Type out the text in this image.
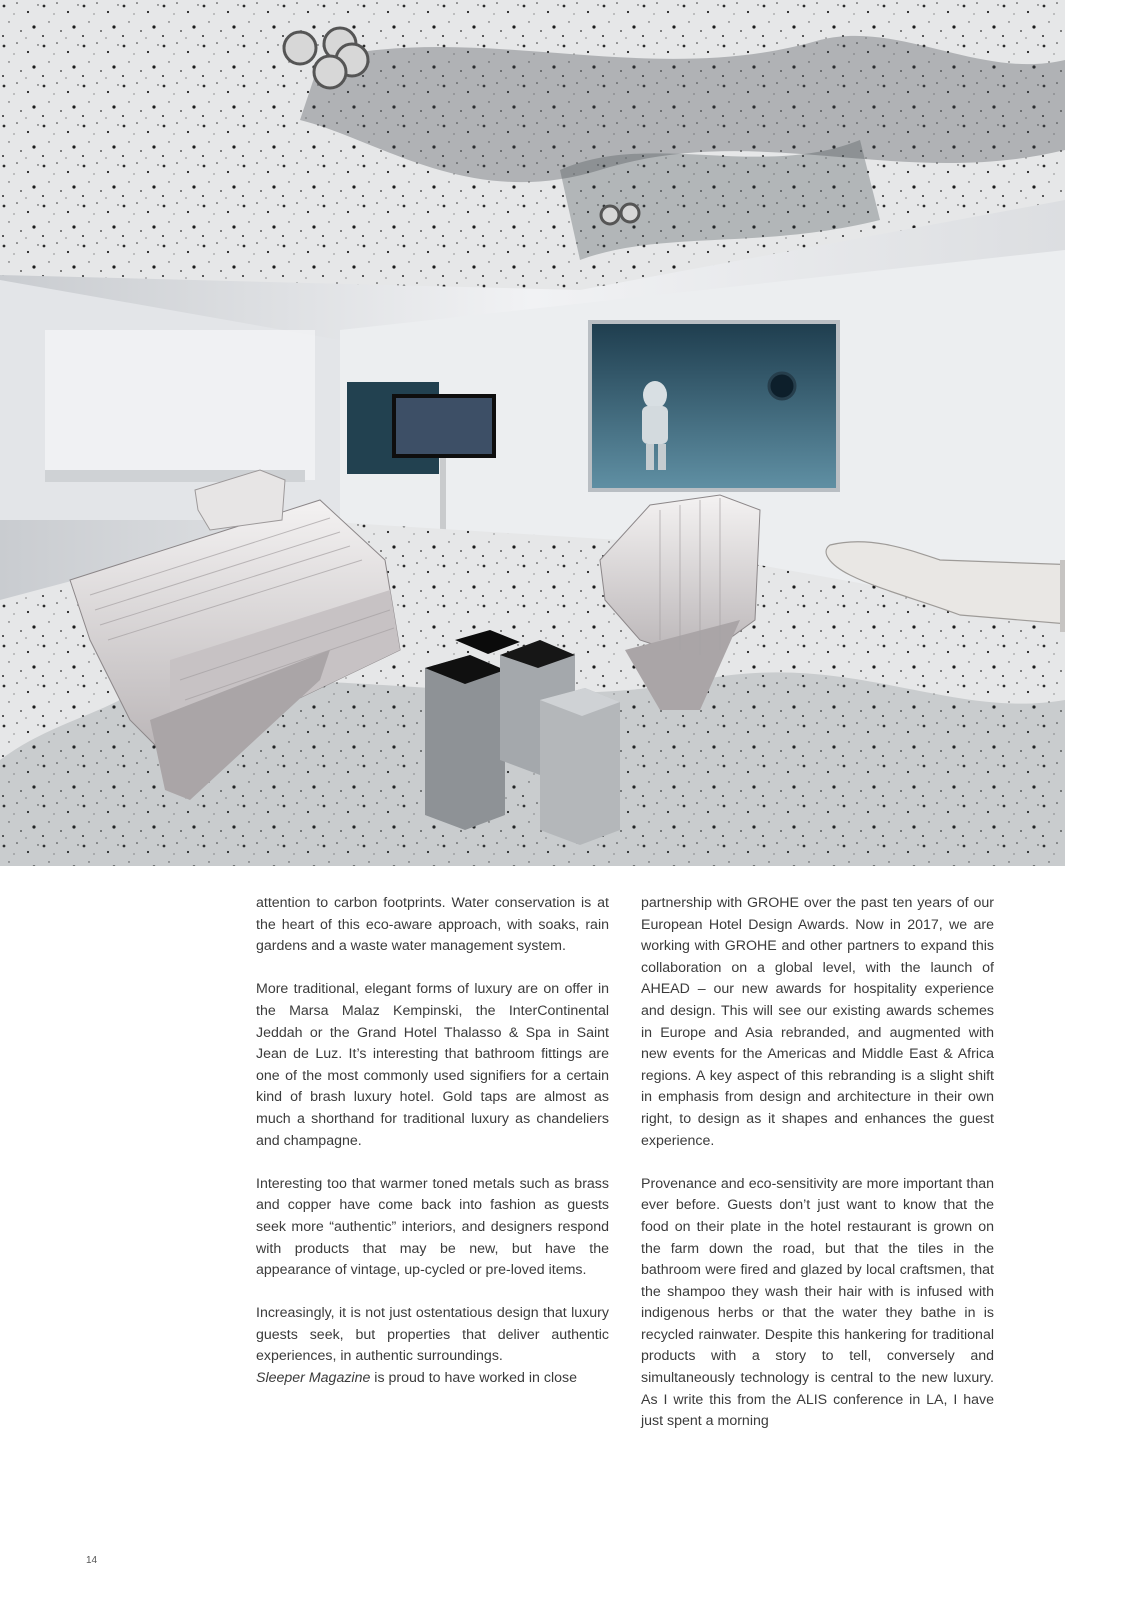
attention to carbon footprints. Water conservation is at the heart of this eco-aware approach, with soaks, rain gardens and a waste water management system.

More traditional, elegant forms of luxury are on offer in the Marsa Malaz Kempinski, the InterContinental Jeddah or the Grand Hotel Thalasso & Spa in Saint Jean de Luz. It’s interesting that bathroom fittings are one of the most commonly used signifiers for a certain kind of brash luxury hotel. Gold taps are almost as much a shorthand for traditional luxury as chandeliers and champagne.

Interesting too that warmer toned metals such as brass and copper have come back into fashion as guests seek more “authentic” interiors, and designers respond with products that may be new, but have the appearance of vintage, up-cycled or pre-loved items.

Increasingly, it is not just ostentatious design that luxury guests seek, but properties that deliver authentic experiences, in authentic surroundings.

Sleeper Magazine is proud to have worked in close

partnership with GROHE over the past ten years of our European Hotel Design Awards. Now in 2017, we are working with GROHE and other partners to expand this collaboration on a global level, with the launch of AHEAD – our new awards for hospitality experience and design. This will see our existing awards schemes in Europe and Asia rebranded, and augmented with new events for the Americas and Middle East & Africa regions. A key aspect of this rebranding is a slight shift in emphasis from design and architecture in their own right, to design as it shapes and enhances the guest experience.

Provenance and eco-sensitivity are more important than ever before. Guests don’t just want to know that the food on their plate in the hotel restaurant is grown on the farm down the road, but that the tiles in the bathroom were fired and glazed by local craftsmen, that the shampoo they wash their hair with is infused with indigenous herbs or that the water they bathe in is recycled rainwater. Despite this hankering for traditional products with a story to tell, conversely and simultaneously technology is central to the new luxury. As I write this from the ALIS conference in LA, I have just spent a morning

14
